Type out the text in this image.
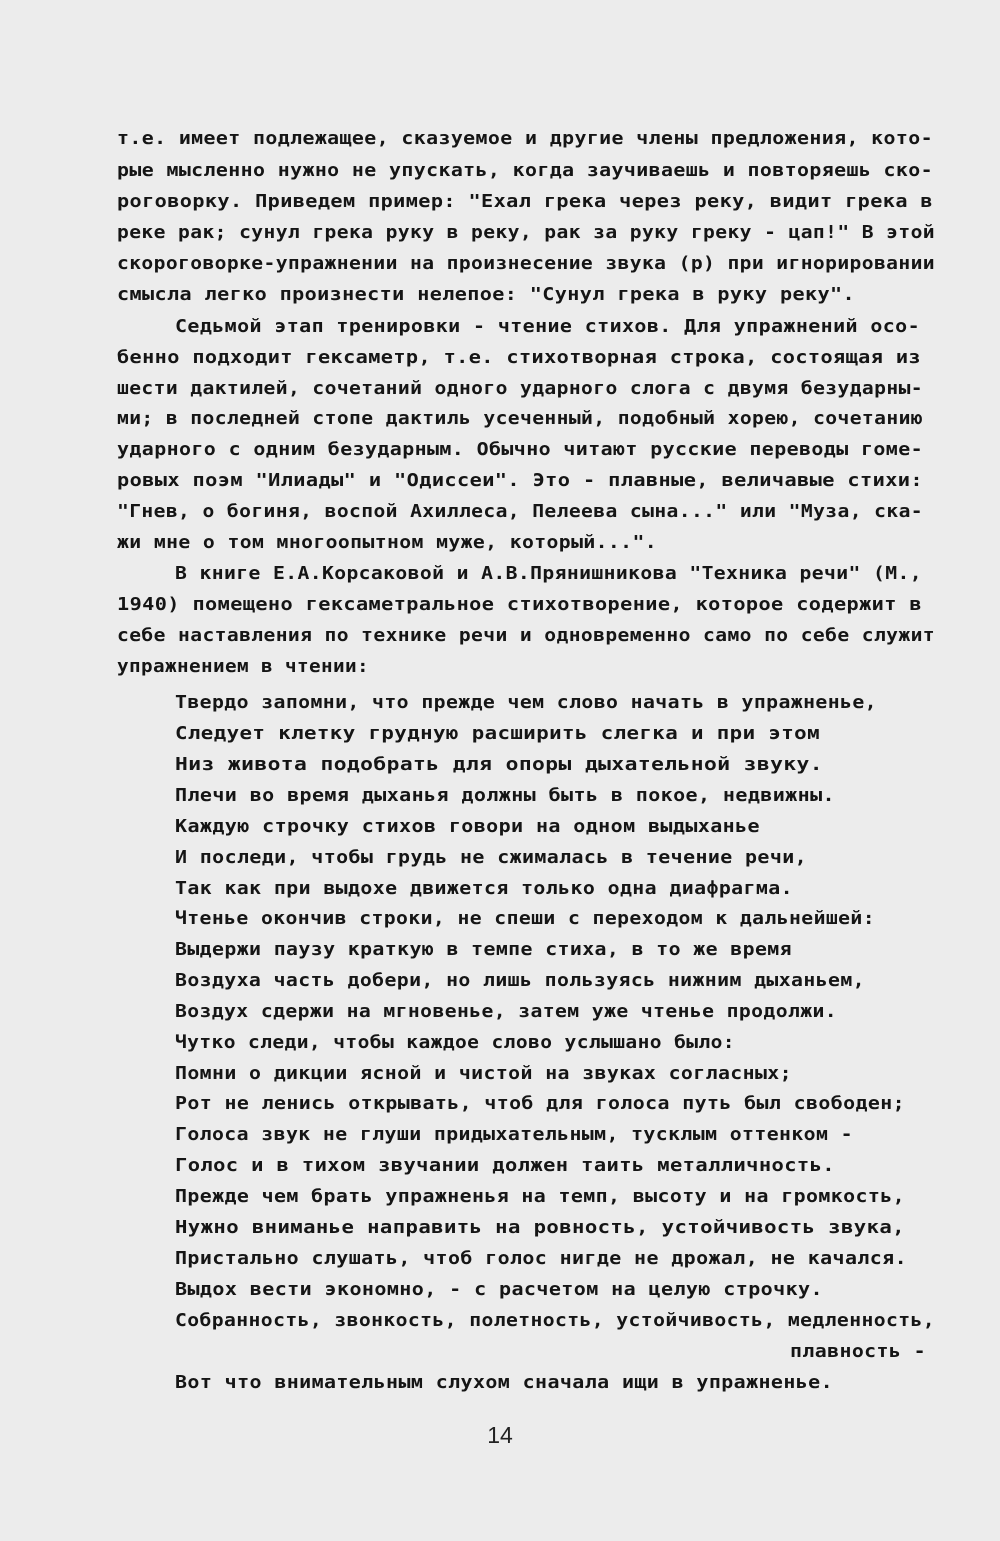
т.е. имеет подлежащее, сказуемое и другие члены предложения, кото-
рые мысленно нужно не упускать, когда заучиваешь и повторяешь ско-
роговорку. Приведем пример: "Ехал грека через реку, видит грека в
реке рак; сунул грека руку в реку, рак за руку греку - цап!" В этой
скороговорке-упражнении на произнесение звука (р) при игнорировании
смысла легко произнести нелепое: "Сунул грека в руку реку".
Седьмой этап тренировки - чтение стихов. Для упражнений осо-
бенно подходит гексаметр, т.е. стихотворная строка, состоящая из
шести дактилей, сочетаний одного ударного слога с двумя безударны-
ми; в последней стопе дактиль усеченный, подобный хорею, сочетанию
ударного с одним безударным. Обычно читают русские переводы гоме-
ровых поэм "Илиады" и "Одиссеи". Это - плавные, величавые стихи:
"Гнев, о богиня, воспой Ахиллеса, Пелеева сына..." или "Муза, ска-
жи мне о том многоопытном муже, который...".
В книге Е.А.Корсаковой и А.В.Прянишникова "Техника речи" (М.,
1940) помещено гексаметральное стихотворение, которое содержит в
себе наставления по технике речи и одновременно само по себе служит
упражнением в чтении:
Твердо запомни, что прежде чем слово начать в упражненье,
Следует клетку грудную расширить слегка и при этом
Низ живота подобрать для опоры дыхательной звуку.
Плечи во время дыханья должны быть в покое, недвижны.
Каждую строчку стихов говори на одном выдыханье
И последи, чтобы грудь не сжималась в течение речи,
Так как при выдохе движется только одна диафрагма.
Чтенье окончив строки, не спеши с переходом к дальнейшей:
Выдержи паузу краткую в темпе стиха, в то же время
Воздуха часть добери, но лишь пользуясь нижним дыханьем,
Воздух сдержи на мгновенье, затем уже чтенье продолжи.
Чутко следи, чтобы каждое слово услышано было:
Помни о дикции ясной и чистой на звуках согласных;
Рот не ленись открывать, чтоб для голоса путь был свободен;
Голоса звук не глуши придыхательным, тусклым оттенком -
Голос и в тихом звучании должен таить металличность.
Прежде чем брать упражненья на темп, высоту и на громкость,
Нужно вниманье направить на ровность, устойчивость звука,
Пристально слушать, чтоб голос нигде не дрожал, не качался.
Выдох вести экономно, - с расчетом на целую строчку.
Собранность, звонкость, полетность, устойчивость, медленность,
плавность -
Вот что внимательным слухом сначала ищи в упражненье.
14
